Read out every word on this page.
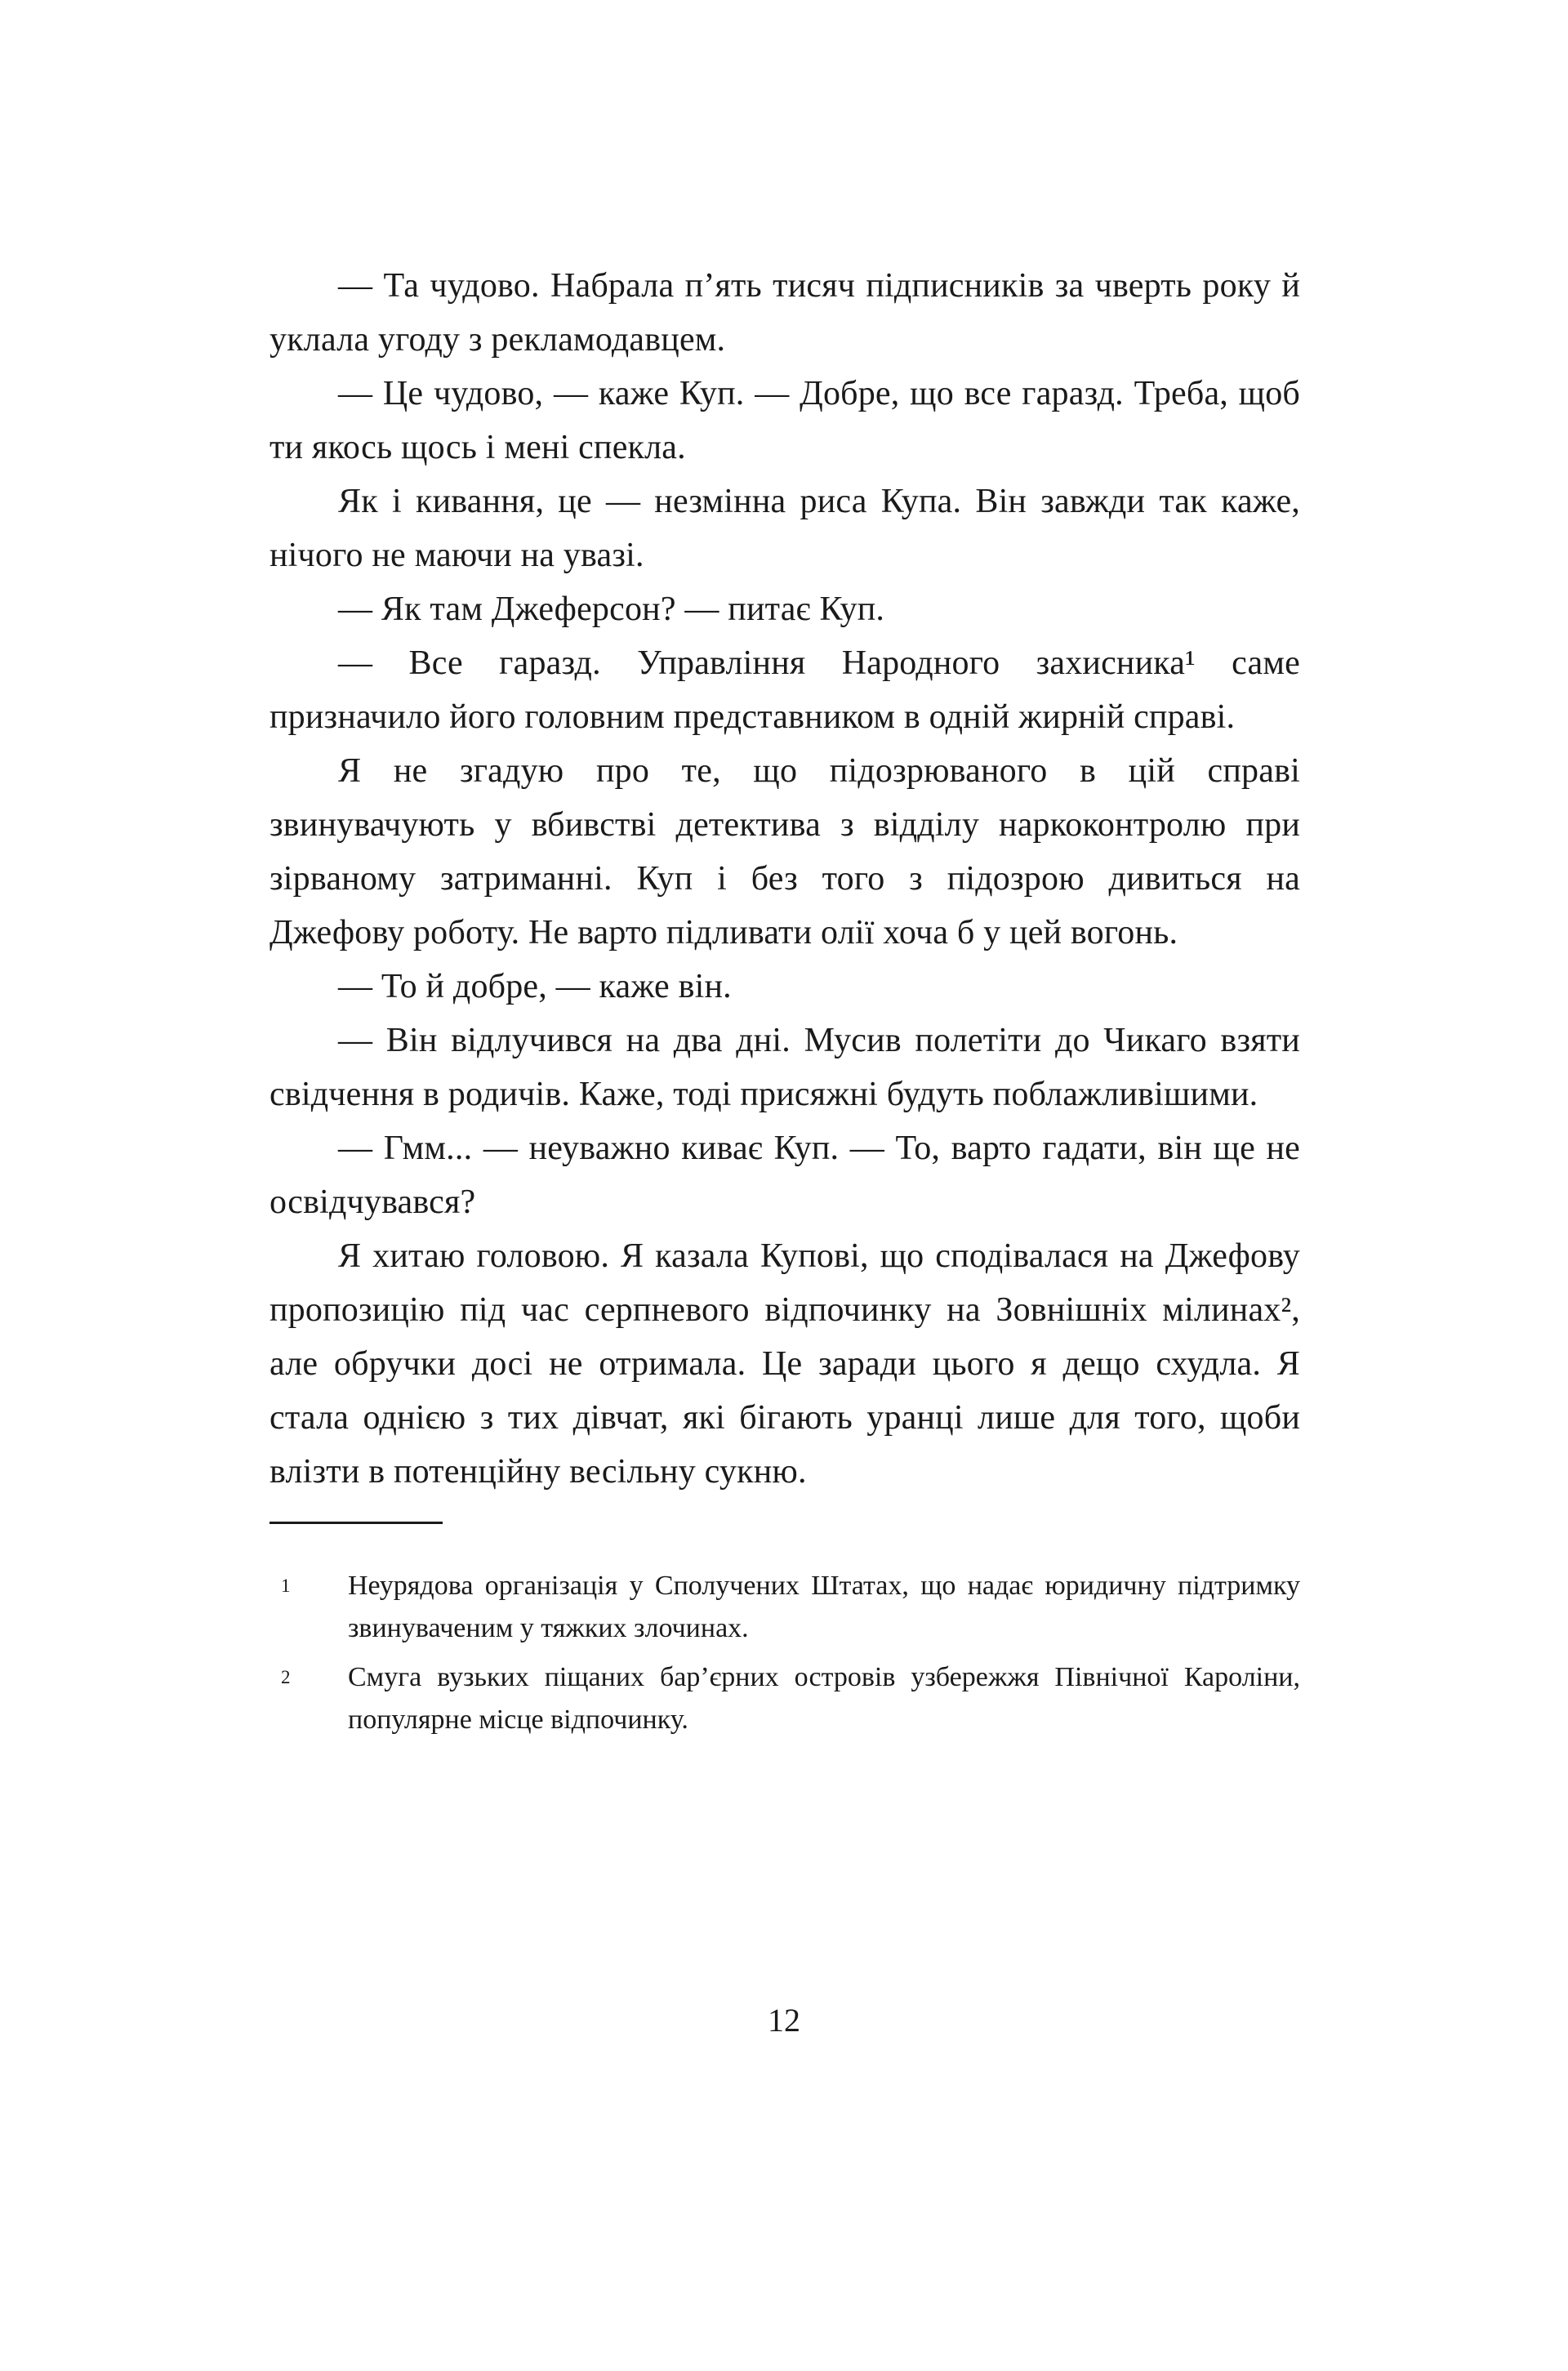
— Та чудово. Набрала п’ять тисяч підписників за чверть року й уклала угоду з рекламодавцем.

— Це чудово, — каже Куп. — Добре, що все гаразд. Треба, щоб ти якось щось і мені спекла.

Як і кивання, це — незмінна риса Купа. Він завжди так каже, нічого не маючи на увазі.

— Як там Джеферсон? — питає Куп.

— Все гаразд. Управління Народного захисника¹ саме призначило його головним представником в одній жирній справі.

Я не згадую про те, що підозрюваного в цій справі звинувачують у вбивстві детектива з відділу наркоконтролю при зірваному затриманні. Куп і без того з підозрою дивиться на Джефову роботу. Не варто підливати олії хоча б у цей вогонь.

— То й добре, — каже він.

— Він відлучився на два дні. Мусив полетіти до Чикаго взяти свідчення в родичів. Каже, тоді присяжні будуть поблажливішими.

— Гмм... — неуважно киває Куп. — То, варто гадати, він ще не освідчувався?

Я хитаю головою. Я казала Купові, що сподівалася на Джефову пропозицію під час серпневого відпочинку на Зовнішніх мілинах², але обручки досі не отримала. Це заради цього я дещо схудла. Я стала однією з тих дівчат, які бігають уранці лише для того, щоби влізти в потенційну весільну сукню.

1	Неурядова організація у Сполучених Штатах, що надає юридичну підтримку звинуваченим у тяжких злочинах.
2	Смуга вузьких піщаних бар’єрних островів узбережжя Північної Кароліни, популярне місце відпочинку.
12
